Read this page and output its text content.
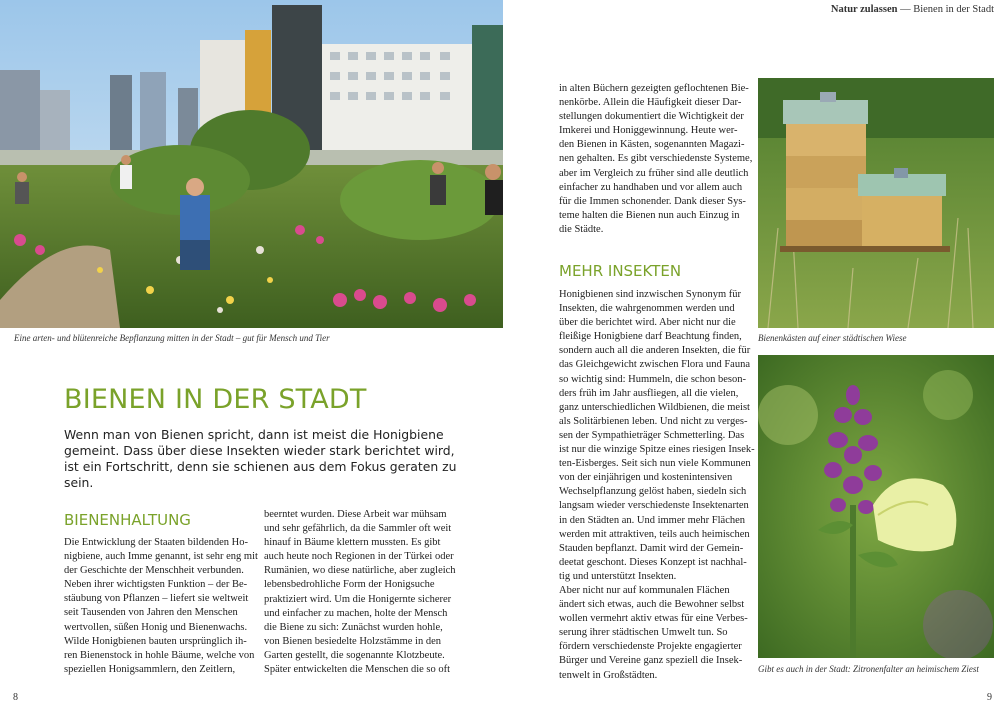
Natur zulassen — Bienen in der Stadt
Eine arten- und blütenreiche Bepflanzung mitten in der Stadt – gut für Mensch und Tier	Bienenkästen auf einer städtischen Wiese
Gibt es auch in der Stadt: Zitronenfalter an heimischem Ziest
BIENEN IN DER STADT
Wenn man von Bienen spricht, dann ist meist die Honigbiene gemeint. Dass über diese Insekten wieder stark berichtet wird, ist ein Fortschritt, denn sie schienen aus dem Fokus geraten zu sein.
BIENENHALTUNG
Die Entwicklung der Staaten bildenden Ho-
nigbiene, auch Imme genannt, ist sehr eng mit
der Geschichte der Menschheit verbunden.
Neben ihrer wichtigsten Funktion – der Be-
stäubung von Pflanzen – liefert sie weltweit
seit Tausenden von Jahren den Menschen
wertvollen, süßen Honig und Bienenwachs.
Wilde Honigbienen bauten ursprünglich ih-
ren Bienenstock in hohle Bäume, welche von
speziellen Honigsammlern, den Zeitlern,
beerntet wurden. Diese Arbeit war mühsam
und sehr gefährlich, da die Sammler oft weit
hinauf in Bäume klettern mussten. Es gibt
auch heute noch Regionen in der Türkei oder
Rumänien, wo diese natürliche, aber zugleich
lebensbedrohliche Form der Honigsuche
praktiziert wird. Um die Honigernte sicherer
und einfacher zu machen, holte der Mensch
die Biene zu sich: Zunächst wurden hohle,
von Bienen besiedelte Holzstämme in den
Garten gestellt, die sogenannte Klotzbeute.
Später entwickelten die Menschen die so oft
in alten Büchern gezeigten geflochtenen Bie-
nenkörbe. Allein die Häufigkeit dieser Dar-
stellungen dokumentiert die Wichtigkeit der
Imkerei und Honiggewinnung. Heute wer-
den Bienen in Kästen, sogenannten Magazi-
nen gehalten. Es gibt verschiedenste Systeme,
aber im Vergleich zu früher sind alle deutlich
einfacher zu handhaben und vor allem auch
für die Immen schonender. Dank dieser Sys-
teme halten die Bienen nun auch Einzug in
die Städte.
MEHR INSEKTEN
Honigbienen sind inzwischen Synonym für
Insekten, die wahrgenommen werden und
über die berichtet wird. Aber nicht nur die
fleißige Honigbiene darf Beachtung finden,
sondern auch all die anderen Insekten, die für
das Gleichgewicht zwischen Flora und Fauna
so wichtig sind: Hummeln, die schon beson-
ders früh im Jahr ausfliegen, all die vielen,
ganz unterschiedlichen Wildbienen, die meist
als Solitärbienen leben. Und nicht zu verges-
sen der Sympathieträger Schmetterling. Das
ist nur die winzige Spitze eines riesigen Insek-
ten-Eisberges. Seit sich nun viele Kommunen
von der einjährigen und kostenintensiven
Wechselpflanzung gelöst haben, siedeln sich
langsam wieder verschiedenste Insektenarten
in den Städten an. Und immer mehr Flächen
werden mit attraktiven, teils auch heimischen
Stauden bepflanzt. Damit wird der Gemein-
deetat geschont. Dieses Konzept ist nachhal-
tig und unterstützt Insekten.
Aber nicht nur auf kommunalen Flächen
ändert sich etwas, auch die Bewohner selbst
wollen vermehrt aktiv etwas für eine Verbes-
serung ihrer städtischen Umwelt tun. So
fördern verschiedenste Projekte engagierter
Bürger und Vereine ganz speziell die Insek-
tenwelt in Großstädten.
8	9
